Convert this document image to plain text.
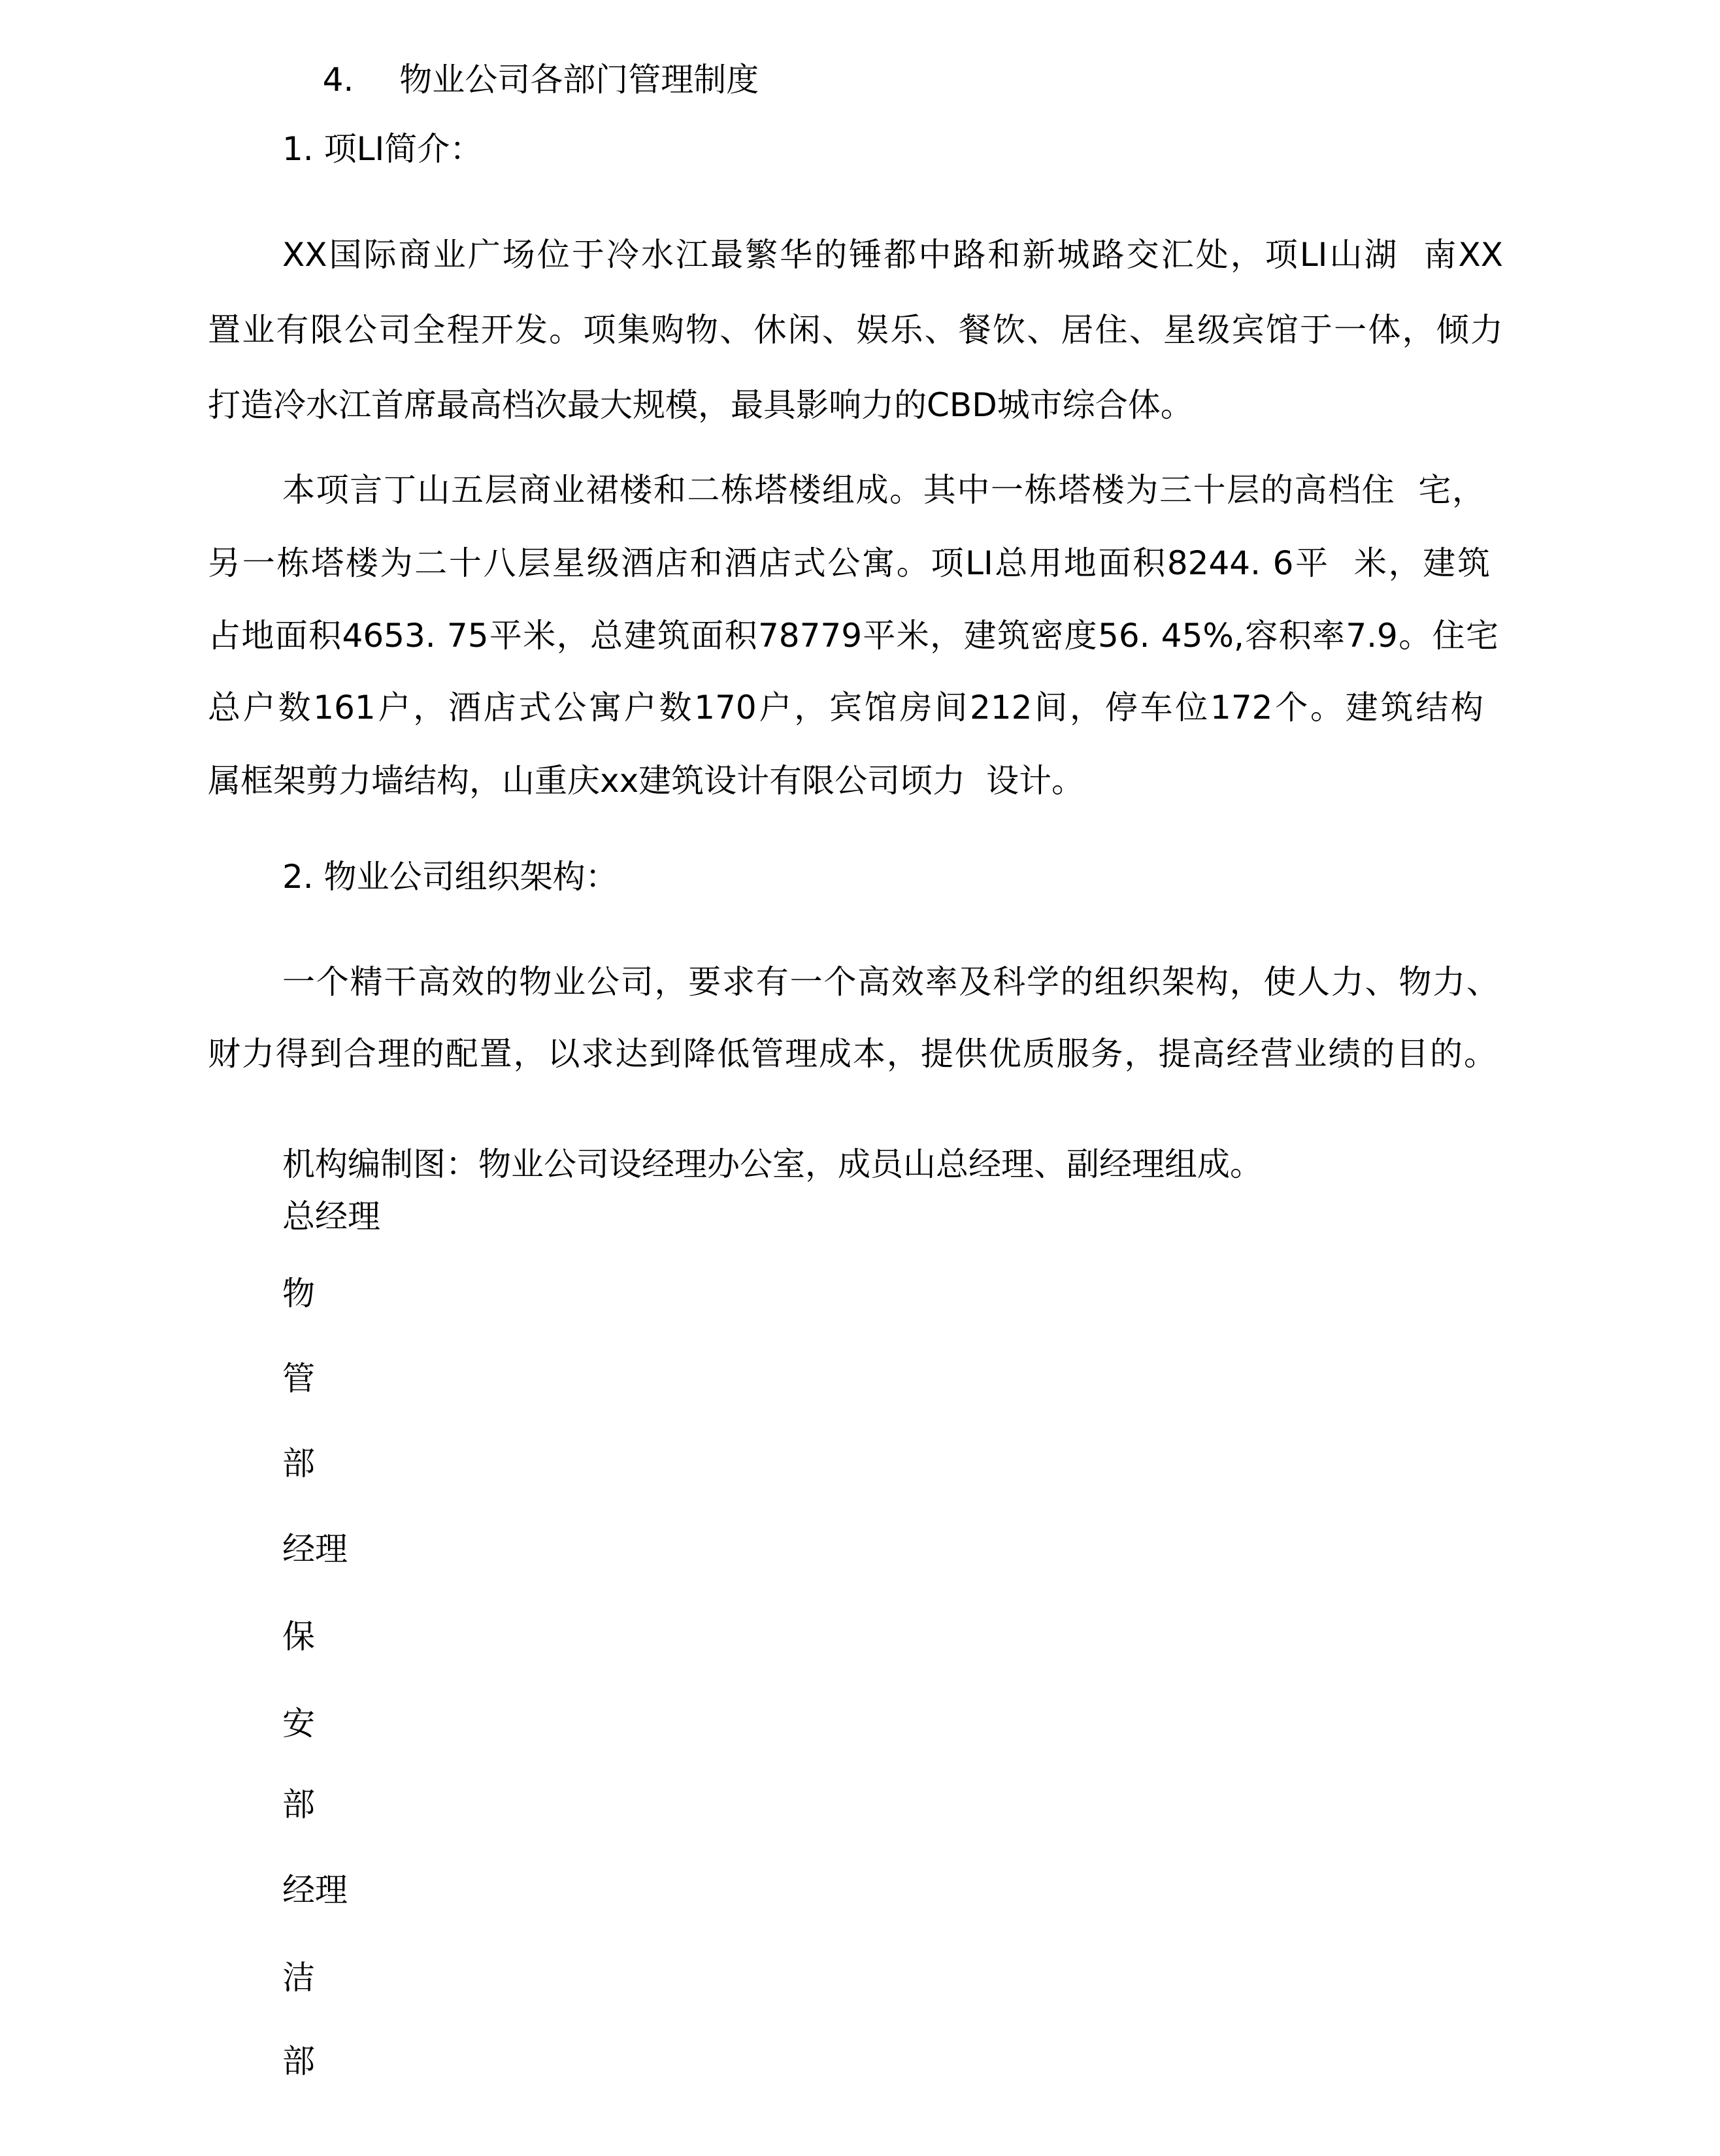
4. 物业公司各部门管理制度

1. 项LI简介：
XX国际商业广场位于冷水江最繁华的锤都中路和新城路交汇处，项LI山湖  南XX
置业有限公司全程开发。项集购物、休闲、娱乐、餐饮、居住、星级宾馆于一体，倾力
打造冷水江首席最高档次最大规模，最具影响力的CBD城市综合体。
本项言丁山五层商业裙楼和二栋塔楼组成。其中一栋塔楼为三十层的高档住  宅，
另一栋塔楼为二十八层星级酒店和酒店式公寓。项LI总用地面积8244. 6平  米，建筑
占地面积4653. 75平米，总建筑面积78779平米，建筑密度56. 45%,容积率7.9。住宅
总户数161户，酒店式公寓户数170户，宾馆房间212间，停车位172个。建筑结构
属框架剪力墙结构，山重庆xx建筑设计有限公司顷力  设计。
2. 物业公司组织架构：
一个精干高效的物业公司，要求有一个高效率及科学的组织架构，使人力、物力、
财力得到合理的配置，以求达到降低管理成本，提供优质服务，提高经营业绩的目的。
机构编制图：物业公司设经理办公室，成员山总经理、副经理组成。
总经理
物
管
部
经理
保
安
部
经理
洁
部
